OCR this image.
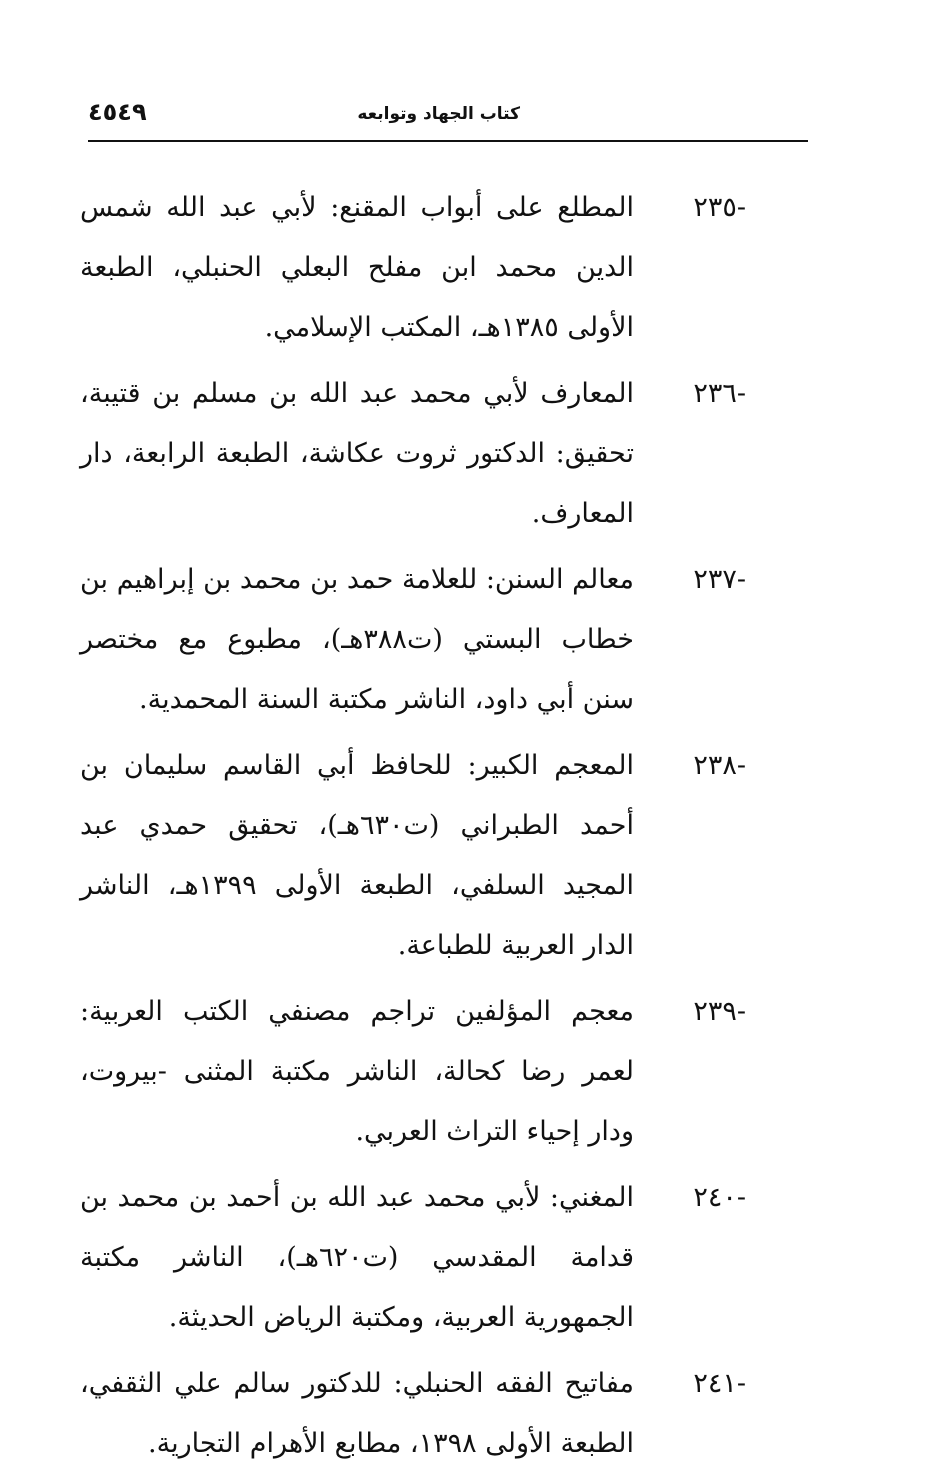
كتاب الجهاد وتوابعه
٤٥٤٩
-٢٣٥
المطلع على أبواب المقنع: لأبي عبد الله شمس الدين محمد ابن مفلح البعلي الحنبلي، الطبعة الأولى ١٣٨٥هـ، المكتب الإسلامي.
-٢٣٦
المعارف لأبي محمد عبد الله بن مسلم بن قتيبة، تحقيق: الدكتور ثروت عكاشة، الطبعة الرابعة، دار المعارف.
-٢٣٧
معالم السنن: للعلامة حمد بن محمد بن إبراهيم بن خطاب البستي (ت٣٨٨هـ)، مطبوع مع مختصر سنن أبي داود، الناشر مكتبة السنة المحمدية.
-٢٣٨
المعجم الكبير: للحافظ أبي القاسم سليمان بن أحمد الطبراني (ت٦٣٠هـ)، تحقيق حمدي عبد المجيد السلفي، الطبعة الأولى ١٣٩٩هـ، الناشر الدار العربية للطباعة.
-٢٣٩
معجم المؤلفين تراجم مصنفي الكتب العربية: لعمر رضا كحالة، الناشر مكتبة المثنى -بيروت، ودار إحياء التراث العربي.
-٢٤٠
المغني: لأبي محمد عبد الله بن أحمد بن محمد بن قدامة المقدسي (ت٦٢٠هـ)، الناشر مكتبة الجمهورية العربية، ومكتبة الرياض الحديثة.
-٢٤١
مفاتيح الفقه الحنبلي: للدكتور سالم علي الثقفي، الطبعة الأولى ١٣٩٨، مطابع الأهرام التجارية.
